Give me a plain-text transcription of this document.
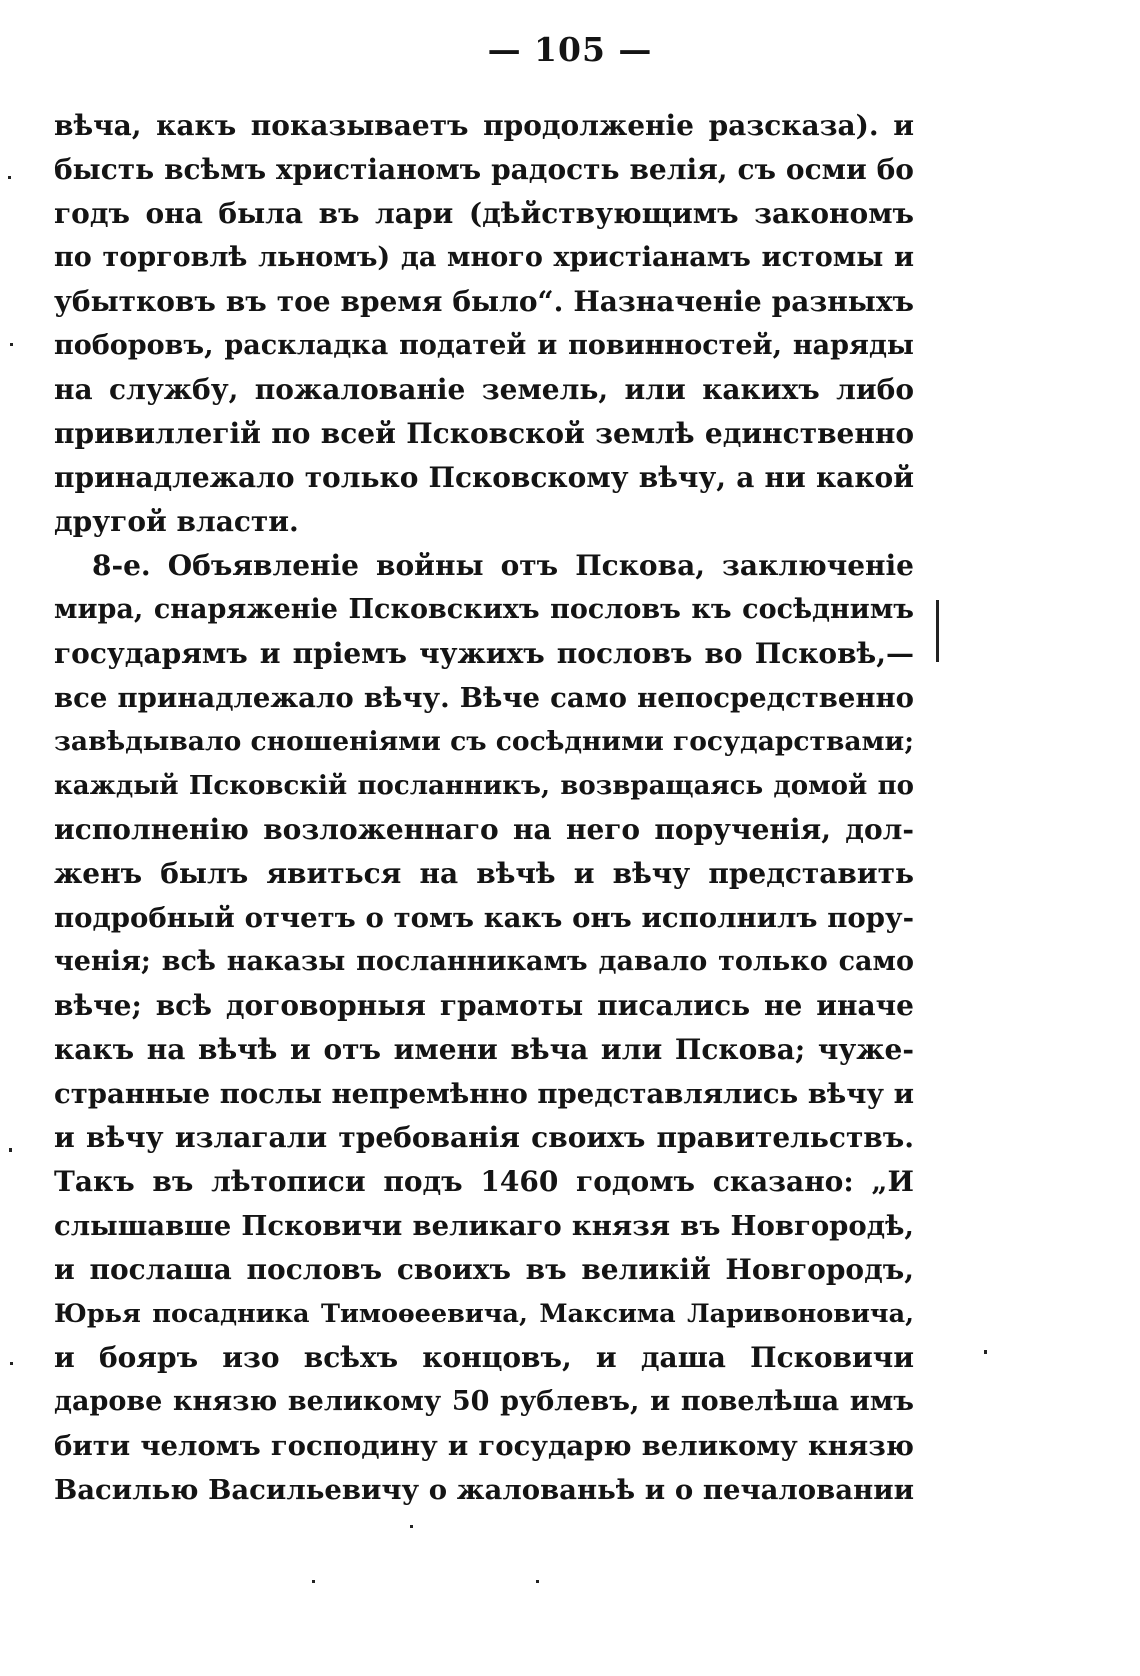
— 105 —
вѣча, какъ показываетъ продолженіе разсказа). и
бысть всѣмъ христіаномъ радость велія, съ осми бо
годъ она была въ лари (дѣйствующимъ закономъ
по торговлѣ льномъ) да много христіанамъ истомы и
убытковъ въ тое время было“. Назначеніе разныхъ
поборовъ, раскладка податей и повинностей, наряды
на службу, пожалованіе земель, или какихъ либо
привиллегій по всей Псковской землѣ единственно
принадлежало только Псковскому вѣчу, а ни какой
другой власти.
8-е. Объявленіе войны отъ Пскова, заключеніе
мира, снаряженіе Псковскихъ пословъ къ сосѣднимъ
государямъ и пріемъ чужихъ пословъ во Псковѣ,—
все принадлежало вѣчу. Вѣче само непосредственно
завѣдывало сношеніями съ сосѣдними государствами;
каждый Псковскій посланникъ, возвращаясь домой по
исполненію возложеннаго на него порученія, дол-
женъ былъ явиться на вѣчѣ и вѣчу представить
подробный отчетъ о томъ какъ онъ исполнилъ пору-
ченія; всѣ наказы посланникамъ давало только само
вѣче; всѣ договорныя грамоты писались не иначе
какъ на вѣчѣ и отъ имени вѣча или Пскова; чуже-
странные послы непремѣнно представлялись вѣчу и
и вѣчу излагали требованія своихъ правительствъ.
Такъ въ лѣтописи подъ 1460 годомъ сказано: „И
слышавше Псковичи великаго князя въ Новгородѣ,
и послаша пословъ своихъ въ великій Новгородъ,
Юрья посадника Тимоѳеевича, Максима Ларивоновича,
и бояръ изо всѣхъ концовъ, и даша Псковичи
дарове князю великому 50 рублевъ, и повелѣша имъ
бити челомъ господину и государю великому князю
Василью Васильевичу о жалованьѣ и о печаловании
